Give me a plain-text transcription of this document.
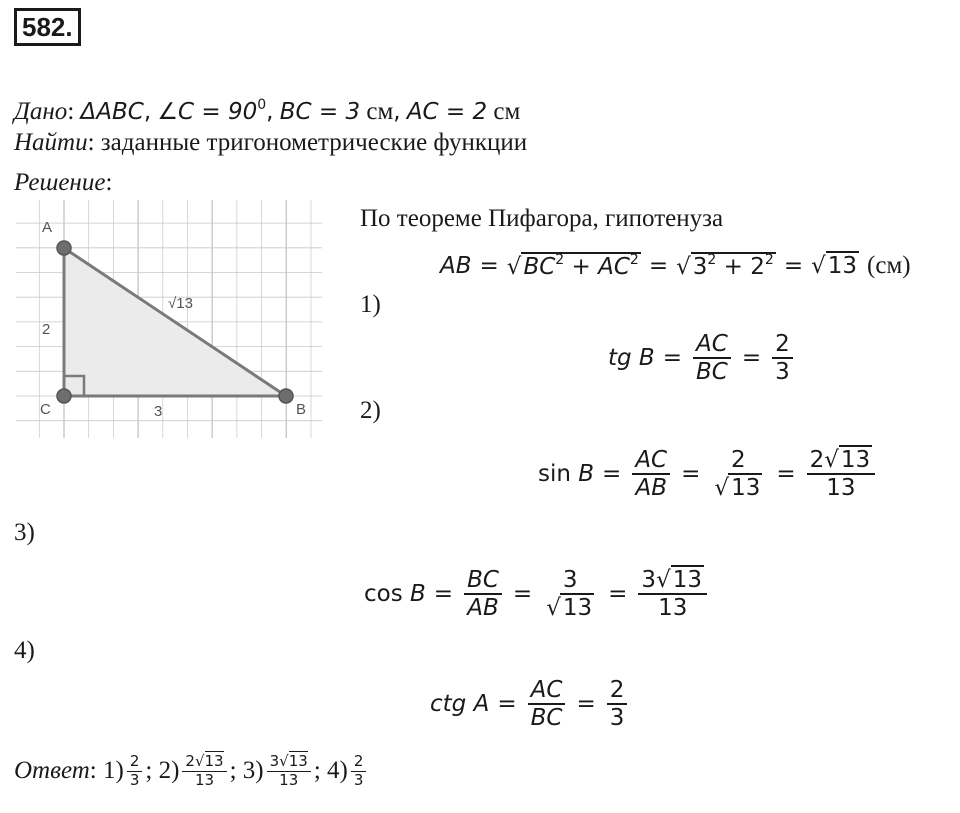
582.
Дано: ΔABC, ∠C = $90^0$, BC = 3 см, AC = 2 см
Найти: заданные тригонометрические функции
Решение:
A
C	B
√13
2
3
По теореме Пифагора, гипотенуза
AB = $√BC^2 + AC^2 = √3^2 + 2^2 = √13$ (см)
1)
tg $B = \frac{AC}{BC} = \frac{2}{3}$
2)
sin
$B = \frac{AC}{AB} = \frac{2}{√13} = \frac{2√13}{13}$
3)
cos
$B = \frac{BC}{AB} = \frac{3}{√13} = \frac{3√13}{13}$
4)
ctg $A = \frac{AC}{BC} = \frac{2}{3}$
Ответ :
$1) \frac{2}{3}$ ;
$2) \frac{2√13}{13}$ ;
$3) \frac{3√13}{13}$ ;
$4) \frac{2}{3}$
